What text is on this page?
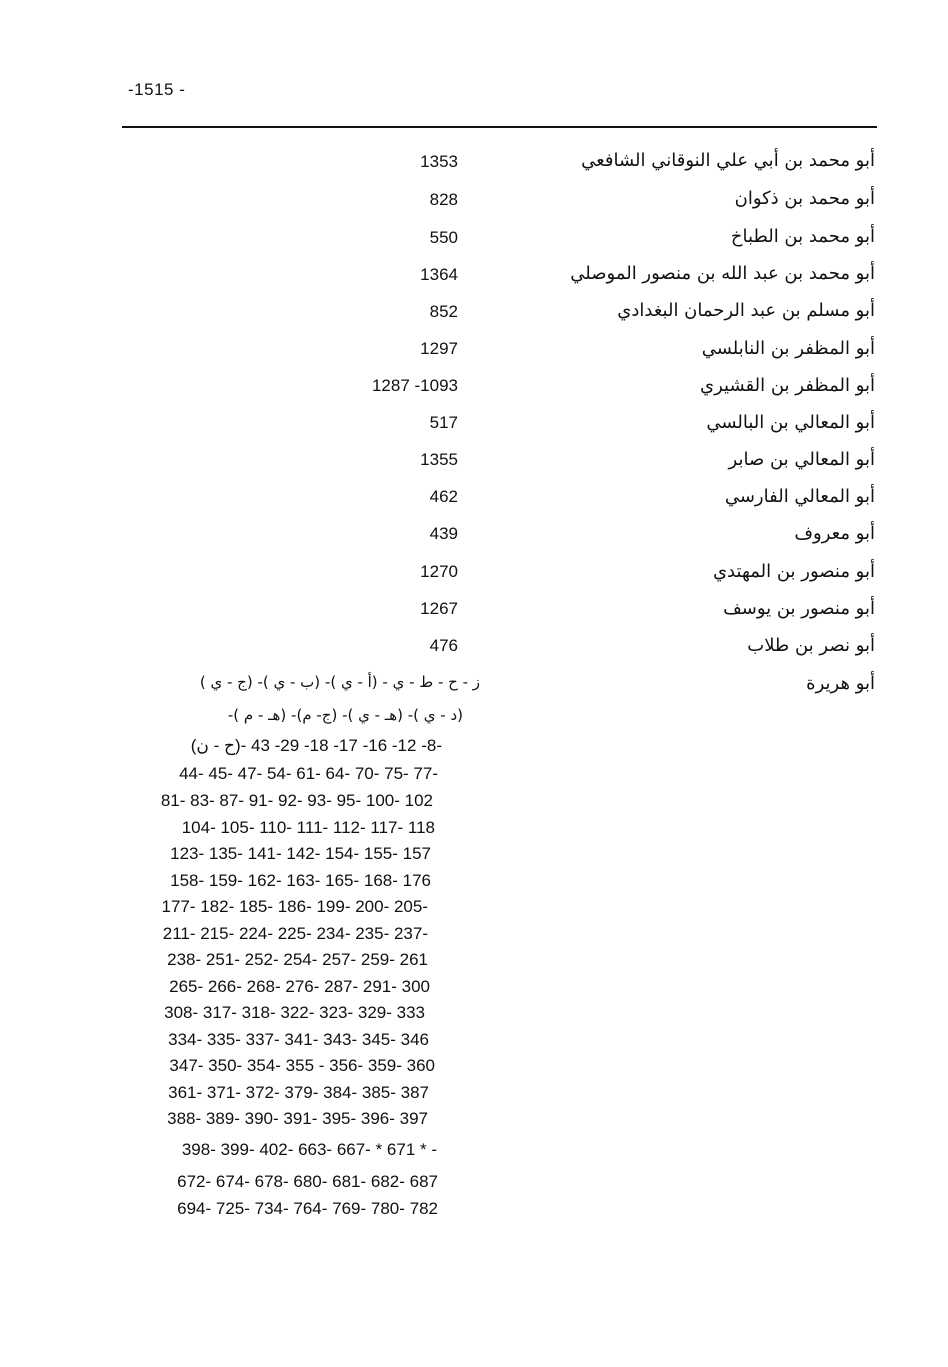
-1515 -
أبو محمد بن أبي علي النوقاني الشافعي
1353
أبو محمد بن ذكوان
828
أبو محمد بن الطباخ
550
أبو محمد بن عبد الله بن منصور الموصلي
1364
أبو مسلم بن عبد الرحمان البغدادي
852
أبو المظفر بن النابلسي
1297
أبو المظفر بن القشيري
1287 -1093
أبو المعالي بن البالسي
517
أبو المعالي بن صابر
1355
أبو المعالي الفارسي
462
أبو معروف
439
أبو منصور بن المهتدي
1270
أبو منصور بن يوسف
1267
أبو نصر بن طلاب
476
أبو هريرة
ز - ح - ط - ي - (أ - ي )- (ب - ي )- (ج - ي )
(د - ي )- (هـ - ي )- (ج- م)- (هـ - م )-
(ح - ن)- 8- 12- 16- 17- 18- 29- 43-
44- 45- 47- 54- 61- 64- 70- 75- 77-
81- 83- 87- 91- 92- 93- 95- 100- 102
104- 105- 110- 111- 112- 117- 118
123- 135- 141- 142- 154- 155- 157
158- 159- 162- 163- 165- 168- 176
177- 182- 185- 186- 199- 200- 205-
211- 215- 224- 225- 234- 235- 237-
238- 251- 252- 254- 257- 259- 261
265- 266- 268- 276- 287- 291- 300
308- 317- 318- 322- 323- 329- 333
334- 335- 337- 341- 343- 345- 346
347- 350- 354- 355 - 356- 359- 360
361- 371- 372- 379- 384- 385- 387
388- 389- 390- 391- 395- 396- 397
398- 399- 402- 663- 667- * 671 * -
672- 674- 678- 680- 681- 682- 687
694- 725- 734- 764- 769- 780- 782
